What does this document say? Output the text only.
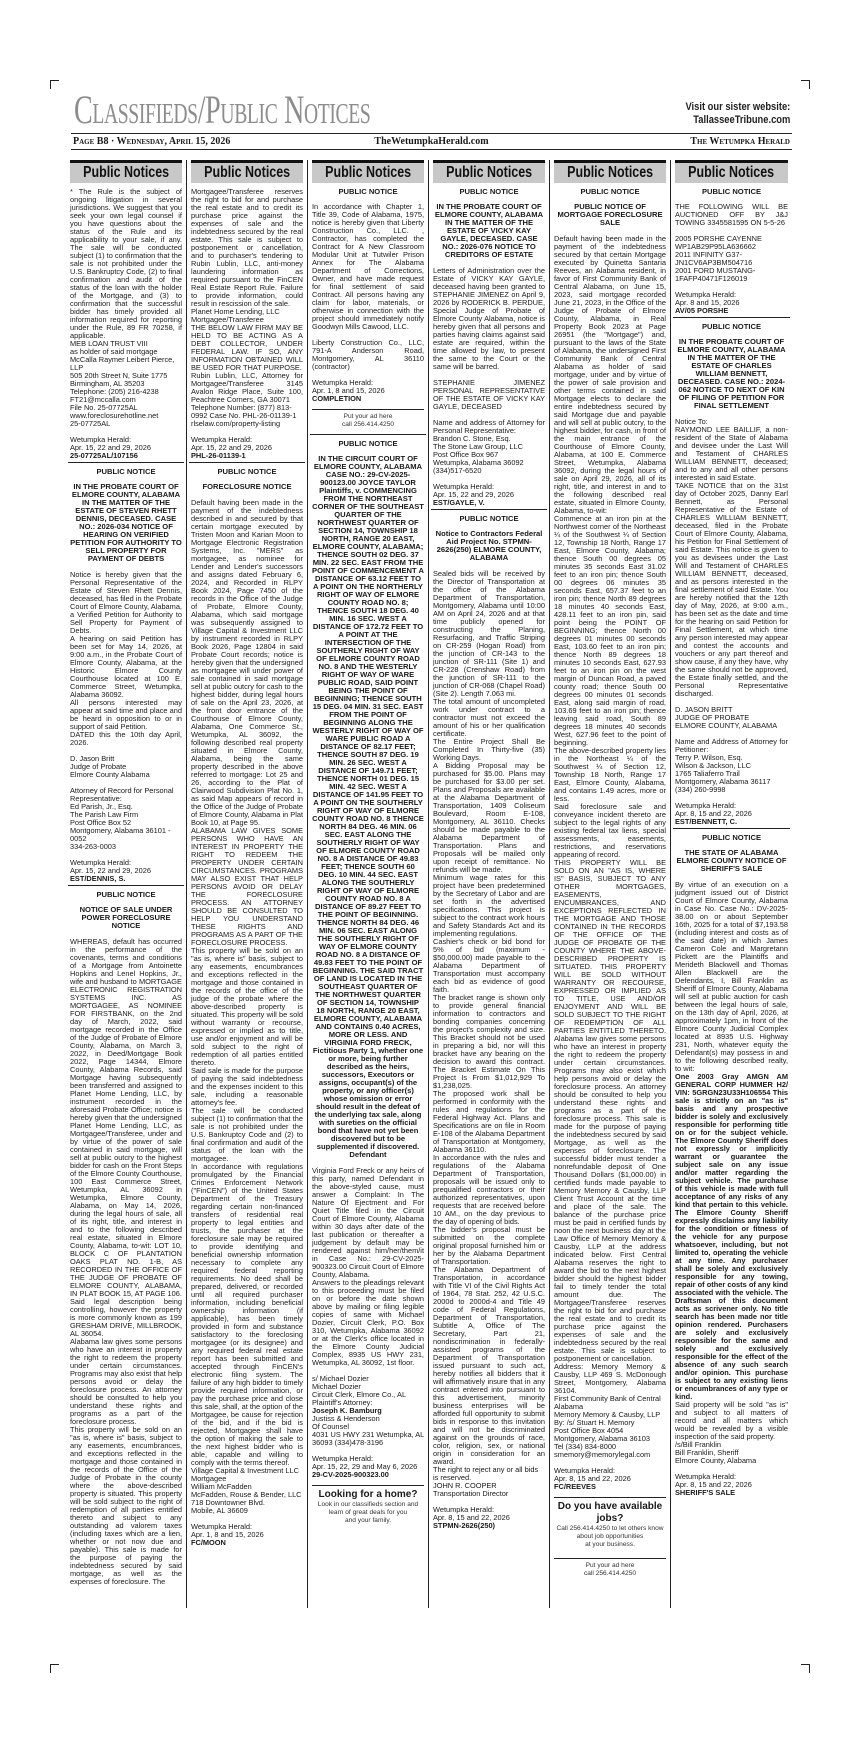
Classifieds/Public Notices	Visit our sister website:
TallasseeTribune.com
Page B8 · Wednesday, April 15, 2026	TheWetumpkaHerald.com	The Wetumpka Herald
Public Notices

* The Rule is the subject of ongoing litigation in several jurisdictions. We suggest that you seek your own legal counsel if you have questions about the status of the Rule and its applicability to your sale, if any. The sale will be conducted subject (1) to confirmation that the sale is not prohibited under the U.S. Bankruptcy Code, (2) to final confirmation and audit of the status of the loan with the holder of the Mortgage, and (3) to confirmation that the successful bidder has timely provided all information required for reporting under the Rule, 89 FR 70258, if applicable.

MEB LOAN TRUST VIII
as holder of said mortgage
McCalla Raymer Leibert Pierce, LLP
505 20th Street N, Suite 1775
Birmingham, AL 35203
Telephone: (205) 216-4238
FT21@mccalla.com
File No. 25-07725AL
www.foreclosurehotline.net
25-07725AL
Wetumpka Herald:
Apr. 15, 22 and 29, 2026
25-07725AL/107156
PUBLIC NOTICE
IN THE PROBATE COURT OF ELMORE COUNTY, ALABAMA IN THE MATTER OF THE ESTATE OF STEVEN RHETT DENNIS, DECEASED. CASE NO.: 2026-034 NOTICE OF HEARING ON VERIFIED PETITION FOR AUTHORITY TO SELL PROPERTY FOR PAYMENT OF DEBTS

Notice is hereby given that the Personal Representative of the Estate of Steven Rhett Dennis, deceased, has filed in the Probate Court of Elmore County, Alabama, a Verified Petition for Authority to Sell Property for Payment of Debts.

A hearing on said Petition has been set for May 14, 2026, at 9:00 a.m., in the Probate Court of Elmore County, Alabama, at the Historic Elmore County Courthouse located at 100 E. Commerce Street, Wetumpka, Alabama 36092.

All persons interested may appear at said time and place and be heard in opposition to or in support of said Petition.

DATED this the 10th day April, 2026.

D. Jason Britt
Judge of Probate
Elmore County Alabama
Attorney of Record for Personal Representative:
Ed Parish, Jr., Esq.
The Parish Law Firm
Post Office Box 52
Montgomery, Alabama 36101 - 0052
334-263-0003
Wetumpka Herald:
Apr. 15, 22 and 29, 2026
EST/DENNIS, S.
PUBLIC NOTICE
NOTICE OF SALE UNDER POWER FORECLOSURE NOTICE

WHEREAS, default has occurred in the performance of the covenants, terms and conditions of a Mortgage from Antoinette Hopkins and Lenel Hopkins, Jr., wife and husband to MORTGAGE ELECTRONIC REGISTRATION SYSTEMS INC. AS MORTGAGEE, AS NOMINEE FOR FIRSTBANK, on the 2nd day of March, 2022, said mortgage recorded in the Office of the Judge of Probate of Elmore County, Alabama, on March 3, 2022, in Deed/Mortgage Book 2022, Page 14344, Elmore County, Alabama Records, said Mortgage having subsequently been transferred and assigned to Planet Home Lending, LLC, by instrument recorded in the aforesaid Probate Office; notice is hereby given that the undersigned Planet Home Lending, LLC, as Mortgagee/Transferee, under and by virtue of the power of sale contained in said mortgage, will sell at public outcry to the highest bidder for cash on the Front Steps of the Elmore County Courthouse, 100 East Commerce Street, Wetumpka, AL 36092 in Wetumpka, Elmore County, Alabama, on May 14, 2026, during the legal hours of sale, all of its right, title, and interest in and to the following described real estate, situated in Elmore County, Alabama, to-wit: LOT 10, BLOCK C OF PLANTATION OAKS PLAT NO. 1-B, AS RECORDED IN THE OFFICE OF THE JUDGE OF PROBATE OF ELMORE COUNTY, ALABAMA, IN PLAT BOOK 15, AT PAGE 106.

Said legal description being controlling, however the property is more commonly known as 199 GRESHAM DRIVE, MILLBROOK, AL 36054.

Alabama law gives some persons who have an interest in property the right to redeem the property under certain circumstances. Programs may also exist that help persons avoid or delay the foreclosure process. An attorney should be consulted to help you understand these rights and programs as a part of the foreclosure process.

This property will be sold on an "as is, where is" basis, subject to any easements, encumbrances, and exceptions reflected in the mortgage and those contained in the records of the Office of the Judge of Probate in the county where the above-described property is situated. This property will be sold subject to the right of redemption of all parties entitled thereto and subject to any outstanding ad valorem taxes (including taxes which are a lien, whether or not now due and payable). This sale is made for the purpose of paying the indebtedness secured by said mortgage, as well as the expenses of foreclosure. The

Public Notices

Mortgagee/Transferee reserves the right to bid for and purchase the real estate and to credit its purchase price against the expenses of sale and the indebtedness secured by the real estate. This sale is subject to postponement or cancellation, and to purchaser's tendering to Rubin Lublin, LLC, anti-money laundering information as required pursuant to the FinCEN Real Estate Report Rule. Failure to provide information, could result in rescission of the sale.

Planet Home Lending, LLC
Mortgagee/Transferee

THE BELOW LAW FIRM MAY BE HELD TO BE ACTING AS A DEBT COLLECTOR, UNDER FEDERAL LAW. IF SO, ANY INFORMATION OBTAINED WILL BE USED FOR THAT PURPOSE.

Rubin Lublin, LLC, Attorney for Mortgagee/Transferee 3145 Avalon Ridge Place, Suite 100, Peachtree Corners, GA 30071

Telephone Number: (877) 813-0992 Case No. PHL-26-01139-1
rlselaw.com/property-listing
Wetumpka Herald:
Apr. 15, 22 and 29, 2026
PHL-26-01139-1
PUBLIC NOTICE
FORECLOSURE NOTICE

Default having been made in the payment of the indebtedness described in and secured by that certain mortgage executed by Tristen Moon and Karian Moon to Mortgage Electronic Registration Systems, Inc. "MERS" as mortgagee, as nominee for Lender and Lender's successors and assigns dated February 6, 2024, and Recorded in RLPY Book 2024, Page 7450 of the records in the Office of the Judge of Probate, Elmore County, Alabama, which said mortgage was subsequently assigned to Village Capital & Investment LLC by instrument recorded in RLPY Book 2026, Page 12804 in said Probate Court records; notice is hereby given that the undersigned as mortgagee will under power of sale contained in said mortgage sell at public outcry for cash to the highest bidder, during legal hours of sale on the April 23, 2026, at the front door entrance of the Courthouse of Elmore County, Alabama, One Commerce St., Wetumpka, AL 36092, the following described real property situated in Elmore County, Alabama, being the same property described in the above referred to mortgage: Lot 25 and 26, according to the Plat of Clairwood Subdivision Plat No. 1, as said Map appears of record in the Office of the Judge of Probate of Elmore County, Alabama in Plat Book 10, at Page 95.

ALABAMA LAW GIVES SOME PERSONS WHO HAVE AN INTEREST IN PROPERTY THE RIGHT TO REDEEM THE PROPERTY UNDER CERTAIN CIRCUMSTANCES. PROGRAMS MAY ALSO EXIST THAT HELP PERSONS AVOID OR DELAY THE FORECLOSURE PROCESS. AN ATTORNEY SHOULD BE CONSULTED TO HELP YOU UNDERSTAND THESE RIGHTS AND PROGRAMS AS A PART OF THE FORECLOSURE PROCESS.

This property will be sold on an "as is, where is" basis, subject to any easements, encumbrances and exceptions reflected in the mortgage and those contained in the records of the office of the judge of the probate where the above-described property is situated. This property will be sold without warranty or recourse, expressed or implied as to title, use and/or enjoyment and will be sold subject to the right of redemption of all parties entitled thereto.

Said sale is made for the purpose of paying the said indebtedness and the expenses incident to this sale, including a reasonable attorney's fee.

The sale will be conducted subject (1) to confirmation that the sale is not prohibited under the U.S. Bankruptcy Code and (2) to final confirmation and audit of the status of the loan with the mortgagee.

In accordance with regulations promulgated by the Financial Crimes Enforcement Network ("FinCEN") of the United States Department of the Treasury regarding certain non-financed transfers of residential real property to legal entities and trusts, the purchaser at the foreclosure sale may be required to provide identifying and beneficial ownership information necessary to complete any required federal reporting requirements. No deed shall be prepared, delivered, or recorded until all required purchaser information, including beneficial ownership information (if applicable), has been timely provided in form and substance satisfactory to the foreclosing mortgagee (or its designee) and any required federal real estate report has been submitted and accepted through FinCEN's electronic filing system. The failure of any high bidder to timely provide required information, or pay the purchase price and close this sale, shall, at the option of the Mortgagee, be cause for rejection of the bid, and if the bid is rejected, Mortgagee shall have the option of making the sale to the next highest bidder who is able, capable and willing to comply with the terms thereof.

Village Capital & Investment LLC
Mortgagee
William McFadden

McFadden, Rouse & Bender, LLC

718 Downtowner Blvd.
Mobile, AL 36609
Wetumpka Herald:
Apr. 1, 8 and 15, 2026
FC/MOON
Public Notices
PUBLIC NOTICE

In accordance with Chapter 1, Title 39, Code of Alabama, 1975, notice is hereby given that Liberty Construction Co., LLC. , Contractor, has completed the Contract for A New Classroom Modular Unit at Tutwiler Prison Annex for The Alabama Department of Corrections, Owner, and have made request for final settlement of said Contract. All persons having any claim for labor, materials, or otherwise in connection with the project should immediately notify Goodwyn Mills Cawood, LLC.

Liberty Construction Co., LLC, 791-A Anderson Road, Montgomery, AL 36110 (contractor)

Wetumpka Herald:
Apr. 1, 8 and 15, 2026
COMPLETION
Put your ad here
call 256.414.4250
PUBLIC NOTICE
IN THE CIRCUIT COURT OF ELMORE COUNTY, ALABAMA CASE NO.: 29-CV-2025-900123.00 JOYCE TAYLOR Plaintiffs, v. COMMENCING FROM THE NORTHEAST CORNER OF THE SOUTHEAST QUARTER OF THE NORTHWEST QUARTER OF SECTION 14, TOWNSHIP 18 NORTH, RANGE 20 EAST, ELMORE COUNTY, ALABAMA; THENCE SOUTH 02 DEG. 37 MIN. 22 SEC. EAST FROM THE POINT OF COMMENCEMENT A DISTANCE OF 63.12 FEET TO A POINT ON THE NORTHERLY RIGHT OF WAY OF ELMORE COUNTY ROAD NO. 8; THENCE SOUTH 18 DEG. 40 MIN. 16 SEC. WEST A DISTANCE OF 172.72 FEET TO A POINT AT THE INTERSECTION OF THE SOUTHERLY RIGHT OF WAY OF ELMORE COUNTY ROAD NO. 8 AND THE WESTERLY RIGHT OF WAY OF WARE PUBLIC ROAD, SAID POINT BEING THE POINT OF BEGINNING; THENCE SOUTH 15 DEG. 04 MIN. 31 SEC. EAST FROM THE POINT OF BEGINNING ALONG THE WESTERLY RIGHT OF WAY OF WARE PUBLIC ROAD A DISTANCE OF 82.17 FEET; THENCE SOUTH 87 DEG. 19 MIN. 26 SEC. WEST A DISTANCE OF 149.71 FEET; THENCE NORTH 01 DEG. 15 MIN. 42 SEC. WEST A DISTANCE OF 141.95 FEET TO A POINT ON THE SOUTHERLY RIGHT OF WAY OF ELMORE COUNTY ROAD NO. 8 THENCE NORTH 84 DEG. 46 MIN. 06 SEC. EAST ALONG THE SOUTHERLY RIGHT OF WAY OF ELMORE COUNTY ROAD NO. 8 A DISTANCE OF 49.83 FEET; THENCE SOUTH 60 DEG. 10 MIN. 44 SEC. EAST ALONG THE SOUTHERLY RIGHT OF WAY OF ELMORE COUNTY ROAD NO. 8 A DISTANCE OF 89.27 FEET TO THE POINT OF BEGINNING. THENCE NORTH 84 DEG. 46 MIN. 06 SEC. EAST ALONG THE SOUTHERLY RIGHT OF WAY OF ELMORE COUNTY ROAD NO. 8 A DISTANCE OF 49.83 FEET TO THE POINT OF BEGINNING. THE SAID TRACT OF LAND IS LOCATED IN THE SOUTHEAST QUARTER OF THE NORTHWEST QUARTER OF SECTION 14, TOWNSHIP 18 NORTH, RANGE 20 EAST, ELMORE COUNTY, ALABAMA AND CONTAINS 0.40 ACRES, MORE OR LESS. AND VIRGINIA FORD FRECK, Fictitious Party 1, whether one or more, being further described as the heirs, successors, Executors or assigns, occupant(s) of the property, or any officer(s) whose omission or error should result in the defeat of the underlying tax sale, along with sureties on the official bond that have not yet been discovered but to be supplemented if discovered. Defendant

Virginia Ford Freck or any heirs of this party, named Defendant in the above-styled cause, must answer a Complaint: In The Nature Of Ejectment and For Quiet Title filed in the Circuit Court of Elmore County, Alabama within 30 days after date of the last publication or thereafter a judgement by default may be rendered against him/her/them/it in Case No.: 29-CV-2025-900323.00 Circuit Court of Elmore County, Alabama.

Answers to the pleadings relevant to this proceeding must be filed on or before the date shown above by mailing or filing legible copies of same with Michael Dozier, Circuit Clerk, P.O. Box 310, Wetumpka, Alabama 36092 or at the Clerk's office located in the Elmore County Judicial Complex, 8935 US HWY 231, Wetumpka, AL 36092, 1st floor.

s/ Michael Dozier
Michael Dozier
Circuit Clerk, Elmore Co., AL
Plaintiff's Attorney:

Joseph K. Bamburg

Justiss & Henderson
Of Counsel
4031 US HWY 231 Wetumpka, AL 36093 (334)478-3196
Wetumpka Herald:
Apr. 15, 22, 29 and May 6, 2026
29-CV-2025-900323.00
Looking for a home?
Look in our classifieds section and learn of great deals for you
and your family.
Public Notices
PUBLIC NOTICE
IN THE PROBATE COURT OF ELMORE COUNTY, ALABAMA IN THE MATTER OF THE ESTATE OF VICKY KAY GAYLE, DECEASED. CASE NO.: 2026-076 NOTICE TO CREDITORS OF ESTATE

Letters of Administration over the Estate of VICKY KAY GAYLE, deceased having been granted to STEPHANIE JIMENEZ on April 9, 2026 by RODERICK B. PERDUE, Special Judge of Probate of Elmore County Alabama, notice is hereby given that all persons and parties having claims against said estate are required, within the time allowed by law, to present the same to the Court or the same will be barred.

STEPHANIE JIMENEZ PERSONAL REPRESENTATIVE OF THE ESTATE OF VICKY KAY GAYLE, DECEASED

Name and address of Attorney for Personal Representative:

Brandon C. Stone, Esq.
The Stone Law Group, LLC
Post Office Box 967
Wetumpka, Alabama 36092
(334)517-6520
Wetumpka Herald:
Apr. 15, 22 and 29, 2026
EST/GAYLE, V.
PUBLIC NOTICE
Notice to Contractors Federal Aid Project No. STPMN-2626(250) ELMORE COUNTY, ALABAMA

Sealed bids will be received by the Director of Transportation at the office of the Alabama Department of Transportation, Montgomery, Alabama until 10:00 AM on April 24, 2026 and at that time publicly opened for constructing the Planing, Resurfacing, and Traffic Striping on CR-259 (Hogan Road) from the junction of CR-143 to the junction of SR-111 (Site 1) and CR-228 (Crenshaw Road) from the junction of SR-111 to the junction of CR-068 (Chapel Road) (Site 2). Length 7.063 mi.

The total amount of uncompleted work under contract to a contractor must not exceed the amount of his or her qualification certificate.

The Entire Project Shall Be Completed In Thirty-five (35) Working Days.

A Bidding Proposal may be purchased for $5.00. Plans may be purchased for $3.00 per set. Plans and Proposals are available at the Alabama Department of Transportation, 1409 Coliseum Boulevard, Room E-108, Montgomery, AL 36110. Checks should be made payable to the Alabama Department of Transportation. Plans and Proposals will be mailed only upon receipt of remittance. No refunds will be made.

Minimum wage rates for this project have been predetermined by the Secretary of Labor and are set forth in the advertised specifications. This project is subject to the contract work hours and Safety Standards Act and its implementing regulations.

Cashier's check or bid bond for 5% of bid (maximum - $50,000.00) made payable to the Alabama Department of Transportation must accompany each bid as evidence of good faith.

The bracket range is shown only to provide general financial information to contractors and bonding companies concerning the project's complexity and size. This Bracket should not be used in preparing a bid, nor will this bracket have any bearing on the decision to award this contract. The Bracket Estimate On This Project Is From $1,012,929 To $1,238,025.

The proposed work shall be performed in conformity with the rules and regulations for the Federal Highway Act. Plans and Specifications are on file in Room E-108 of the Alabama Department of Transportation at Montgomery, Alabama 36110.

In accordance with the rules and regulations of the Alabama Department of Transportation, proposals will be issued only to prequalified contractors or their authorized representatives, upon requests that are received before 10 AM., on the day previous to the day of opening of bids.

The bidder's proposal must be submitted on the complete original proposal furnished him or her by the Alabama Department of Transportation.

The Alabama Department of Transportation, in accordance with Title VI of the Civil Rights Act of 1964, 78 Stat. 252, 42 U.S.C. 2000d to 2000d-4 and Title 49 code of Federal Regulations, Department of Transportation, Subtitle A, Office of The Secretary, Part 21, nondiscrimination in federally-assisted programs of the Department of Transportation issued pursuant to such act, hereby notifies all bidders that it will affirmatively insure that in any contract entered into pursuant to this advertisement, minority business enterprises will be afforded full opportunity to submit bids in response to this invitation and will not be discriminated against on the grounds of race, color, religion, sex, or national origin in consideration for an award.

The right to reject any or all bids is reserved.
JOHN R. COOPER
Transportation Director
Wetumpka Herald:
Apr. 8, 15 and 22, 2026
STPMN-2626(250)
Public Notices
PUBLIC NOTICE
PUBLIC NOTICE OF MORTGAGE FORECLOSURE SALE

Default having been made in the payment of the indebtedness secured by that certain Mortgage executed by Quinetta Santaria Reeves, an Alabama resident, in favor of First Community Bank of Central Alabama, on June 15, 2023, said mortgage recorded June 21, 2023, in the Office of the Judge of Probate of Elmore County, Alabama, in Real Property Book 2023 at Page 26951 (the "Mortgage") and, pursuant to the laws of the State of Alabama, the undersigned First Community Bank of Central Alabama as holder of said mortgage, under and by virtue of the power of sale provision and other terms contained in said Mortgage elects to declare the entire indebtedness secured by said Mortgage due and payable and will sell at public outcry, to the highest bidder, for cash, in front of the main entrance of the Courthouse of Elmore County, Alabama, at 100 E. Commerce Street, Wetumpka, Alabama 36092, during the legal hours of sale on April 29, 2026, all of its right, title, and interest in and to the following described real estate, situated in Elmore County, Alabama, to-wit:

Commence at an iron pin at the Northwest corner of the Northeast ¼ of the Southwest ¼ of Section 12, Township 18 North, Range 17 East, Elmore County, Alabama; thence South 00 degrees 05 minutes 35 seconds East 31.02 feet to an iron pin; thence South 00 degrees 06 minutes 35 seconds East, 657.37 feet to an iron pin; thence North 89 degrees 18 minutes 40 seconds East, 428.11 feet to an iron pin, said point being the POINT OF BEGINNING; thence North 00 degrees 01 minutes 00 seconds East, 103.60 feet to an iron pin; thence North 89 degrees 18 minutes 10 seconds East, 627.93 feet to an iron pin on the west margin of Duncan Road, a paved county road; thence South 00 degrees 00 minutes 01 seconds East, along said margin of road, 103.69 feet to an iron pin; thence leaving said road, South 89 degrees 18 minutes 40 seconds West, 627.96 feet to the point of beginning.

The above-described property lies in the Northeast ¼ of the Southwest ¼ of Section 12, Township 18 North, Range 17 East, Elmore County, Alabama, and contains 1.49 acres, more or less.

Said foreclosure sale and conveyance incident thereto are subject to the legal rights of any existing federal tax liens, special assessments, easements, restrictions, and reservations appearing of record.

THIS PROPERTY WILL BE SOLD ON AN "AS IS, WHERE IS" BASIS, SUBJECT TO ANY OTHER MORTGAGES, EASEMENTS, ENCUMBRANCES, AND EXCEPTIONS REFLECTED IN THE MORTGAGE AND THOSE CONTAINED IN THE RECORDS OF THE OFFICE OF THE JUDGE OF PROBATE OF THE COUNTY WHERE THE ABOVE-DESCRIBED PROPERTY IS SITUATED. THIS PROPERTY WILL BE SOLD WITHOUT WARRANTY OR RECOURSE, EXPRESSED OR IMPLIED AS TO TITLE, USE AND/OR ENJOYMENT AND WILL BE SOLD SUBJECT TO THE RIGHT OF REDEMPTION OF ALL PARTIES ENTITLED THERETO. Alabama law gives some persons who have an interest in property the right to redeem the property under certain circumstances. Programs may also exist which help persons avoid or delay the foreclosure process. An attorney should be consulted to help you understand these rights and programs as a part of the foreclosure process. This sale is made for the purpose of paying the indebtedness secured by said Mortgage, as well as the expenses of foreclosure. The successful bidder must tender a nonrefundable deposit of One Thousand Dollars ($1,000.00) in certified funds made payable to Memory Memory & Causby, LLP Client Trust Account at the time and place of the sale. The balance of the purchase price must be paid in certified funds by noon the next business day at the Law Office of Memory Memory & Causby, LLP at the address indicated below. First Central Alabama reserves the right to award the bid to the next highest bidder should the highest bidder fail to timely tender the total amount due. The Mortgagee/Transferee reserves the right to bid for and purchase the real estate and to credit its purchase price against the expenses of sale and the indebtedness secured by the real estate. This sale is subject to postponement or cancellation.

Address: Memory Memory & Causby, LLP 469 S. McDonough Street, Montgomery, Alabama 36104.

First Community Bank of Central Alabama
Memory Memory & Causby, LLP
By: /s/ Stuart H. Memory
Post Office Box 4054
Montgomery, Alabama 36103
Tel (334) 834-8000
smemory@memorylegal.com
Wetumpka Herald:
Apr. 8, 15 and 22, 2026
FC/REEVES
Do you have available jobs?
Call 256.414.4250 to let others know about job opportunities
at your business.
Put your ad here
call 256.414.4250
Public Notices
PUBLIC NOTICE

THE FOLLOWING WILL BE AUCTIONED OFF BY J&J TOWING 3345581595 ON 5-5-26

2005 PORSHE CAYENNE
WP1AB29P95LA636662
2011 INFINITY G37-
JN1CV6AP3BM504716
2001 FORD MUSTANG-
1FAFP40471F126019
Wetumpka Herald:
Apr. 8 and 15, 2026
AV/05 PORSHE
PUBLIC NOTICE
IN THE PROBATE COURT OF ELMORE COUNTY, ALABAMA IN THE MATTER OF THE ESTATE OF CHARLES WILLIAM BENNETT, DECEASED. CASE NO.: 2024-062 NOTICE TO NEXT OF KIN OF FILING OF PETITION FOR FINAL SETTLEMENT
Notice To:

RAYMOND LEE BAILLIF, a non-resident of the State of Alabama and devisee under the Last Will and Testament of CHARLES WILLIAM BENNETT, deceased; and to any and all other persons interested in said Estate.

TAKE NOTICE that on the 31st day of October 2025, Danny Earl Bennett, as Personal Representative of the Estate of CHARLES WILLIAM BENNETT, deceased, filed in the Probate Court of Elmore County, Alabama, his Petition for Final Settlement of said Estate. This notice is given to you as devisees under the Last Will and Testament of CHARLES WILLIAM BENNETT, deceased, and as persons interested in the final settlement of said Estate. You are hereby notified that the 12th day of May, 2026, at 9:00 a.m., has been set as the date and time for the hearing on said Petition for Final Settlement, at which time any person interested may appear and contest the accounts and vouchers or any part thereof and show cause, if any they have, why the same should not be approved, the Estate finally settled, and the Personal Representative discharged.

D. JASON BRITT
JUDGE OF PROBATE
ELMORE COUNTY, ALABAMA

Name and Address of Attorney for Petitioner:

Terry P. Wilson, Esq.
Wilson & Jackson, LLC
1765 Taliaferro Trail
Montgomery, Alabama 36117
(334) 260-9998
Wetumpka Herald:
Apr. 8, 15 and 22, 2026
EST/BENNETT, C.
PUBLIC NOTICE
THE STATE OF ALABAMA ELMORE COUNTY NOTICE OF SHERIFF'S SALE

By virtue of an execution on a judgment issued out of District Court of Elmore County, Alabama in Case No. Case No.: DV-2025-38.00 on or about September 16th, 2025 for a total of $7,193.58 (including interest and costs as of the said date) in which James Cameron Cole and Margretann Pickett are the Plaintiffs and Merideth Blackwell and Thomas Allen Blackwell are the Defendants, I, Bill Franklin as Sheriff of Elmore County, Alabama will sell at public auction for cash between the legal hours of sale, on the 13th day of April, 2026, at approximately 1pm, in front of the Elmore County Judicial Complex located at 8935 U.S. Highway 231, North, whatever equity the Defendant(s) may possess in and to the following described realty, to wit:

One 2003 Gray AMGN AM GENERAL CORP HUMMER H2/ VIN: 5GRGN23U33H106554 This sale is strictly on an "as is" basis and any prospective bidder is solely and exclusively responsible for performing title on or for the subject vehicle. The Elmore County Sheriff does not expressly or implicitly warrant or guarantee the subject sale on any issue and/or matter regarding the subject vehicle. The purchase of this vehicle is made with full acceptance of any risks of any kind that pertain to this vehicle. The Elmore County Sheriff expressly disclaims any liability for the condition or fitness of the vehicle for any purpose whatsoever, including, but not limited to, operating the vehicle at any time. Any purchaser shall be solely and exclusively responsible for any towing, repair of other costs of any kind associated with the vehicle. The Draftsman of this document acts as scrivener only. No title search has been made nor title opinion rendered. Purchasers are solely and exclusively responsible for the same and solely and exclusively responsible for the effect of the absence of any such search and/or opinion. This purchase is subject to any existing liens or encumbrances of any type or kind.

Said property will be sold "as is" and subject to all matters of record and all matters which would be revealed by a visible inspection of the said property.

/s/Bill Franklin
Bill Franklin, Sheriff
Elmore County, Alabama
Wetumpka Herald:
Apr. 8, 15 and 22, 2026
SHERIFF'S SALE
